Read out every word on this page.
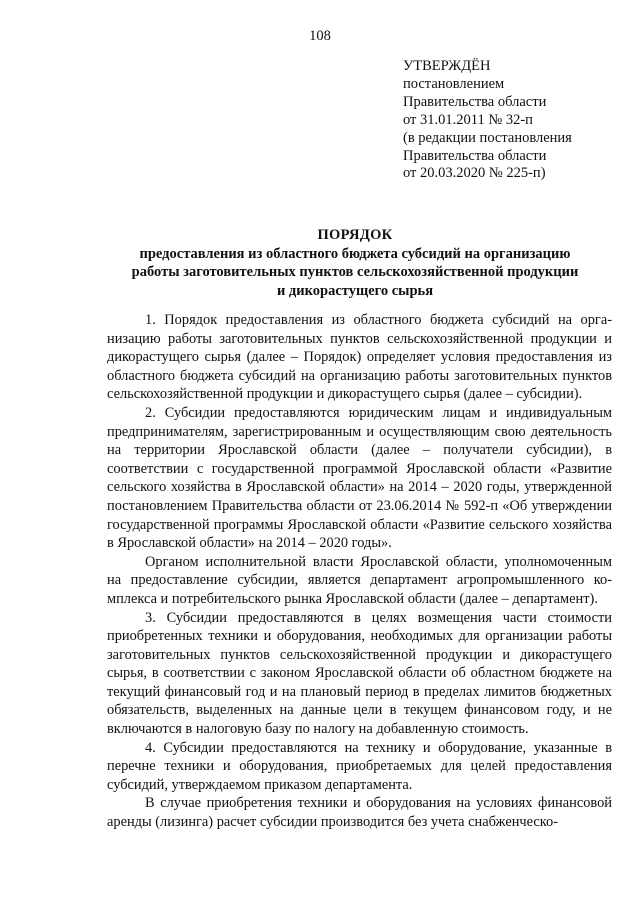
108
УТВЕРЖДЁН
постановлением
Правительства области
от 31.01.2011 № 32-п
(в редакции постановления
Правительства области
от 20.03.2020 № 225-п)
ПОРЯДОК
предоставления из областного бюджета субсидий на организацию
работы заготовительных пунктов сельскохозяйственной продукции
и дикорастущего сырья

1. Порядок предоставления из областного бюджета субсидий на организацию работы заготовительных пунктов сельскохозяйственной продукции и дикорастущего сырья (далее – Порядок) определяет условия предоставления из областного бюджета субсидий на организацию работы заготовительных пунктов сельскохозяйственной продукции и дикорастущего сырья (далее – субсидии).

2. Субсидии предоставляются юридическим лицам и индивидуальным предпринимателям, зарегистрированным и осуществляющим свою деятельность на территории Ярославской области (далее – получатели субсидии), в соответствии с государственной программой Ярославской области «Развитие сельского хозяйства в Ярославской области» на 2014 – 2020 годы, утвержденной постановлением Правительства области от 23.06.2014 № 592-п «Об утверждении государственной программы Ярославской области «Развитие сельского хозяйства в Ярославской области» на 2014 – 2020 годы».

Органом исполнительной власти Ярославской области, уполномоченным на предоставление субсидии, является департамент агропромышленного комплекса и потребительского рынка Ярославской области (далее – департамент).

3. Субсидии предоставляются в целях возмещения части стоимости приобретенных техники и оборудования, необходимых для организации работы заготовительных пунктов сельскохозяйственной продукции и дикорастущего сырья, в соответствии с законом Ярославской области об областном бюджете на текущий финансовый год и на плановый период в пределах лимитов бюджетных обязательств, выделенных на данные цели в текущем финансовом году, и не включаются в налоговую базу по налогу на добавленную стоимость.

4. Субсидии предоставляются на технику и оборудование, указанные в перечне техники и оборудования, приобретаемых для целей предоставления субсидий, утверждаемом приказом департамента.

В случае приобретения техники и оборудования на условиях финансовой аренды (лизинга) расчет субсидии производится без учета снабженческо-
